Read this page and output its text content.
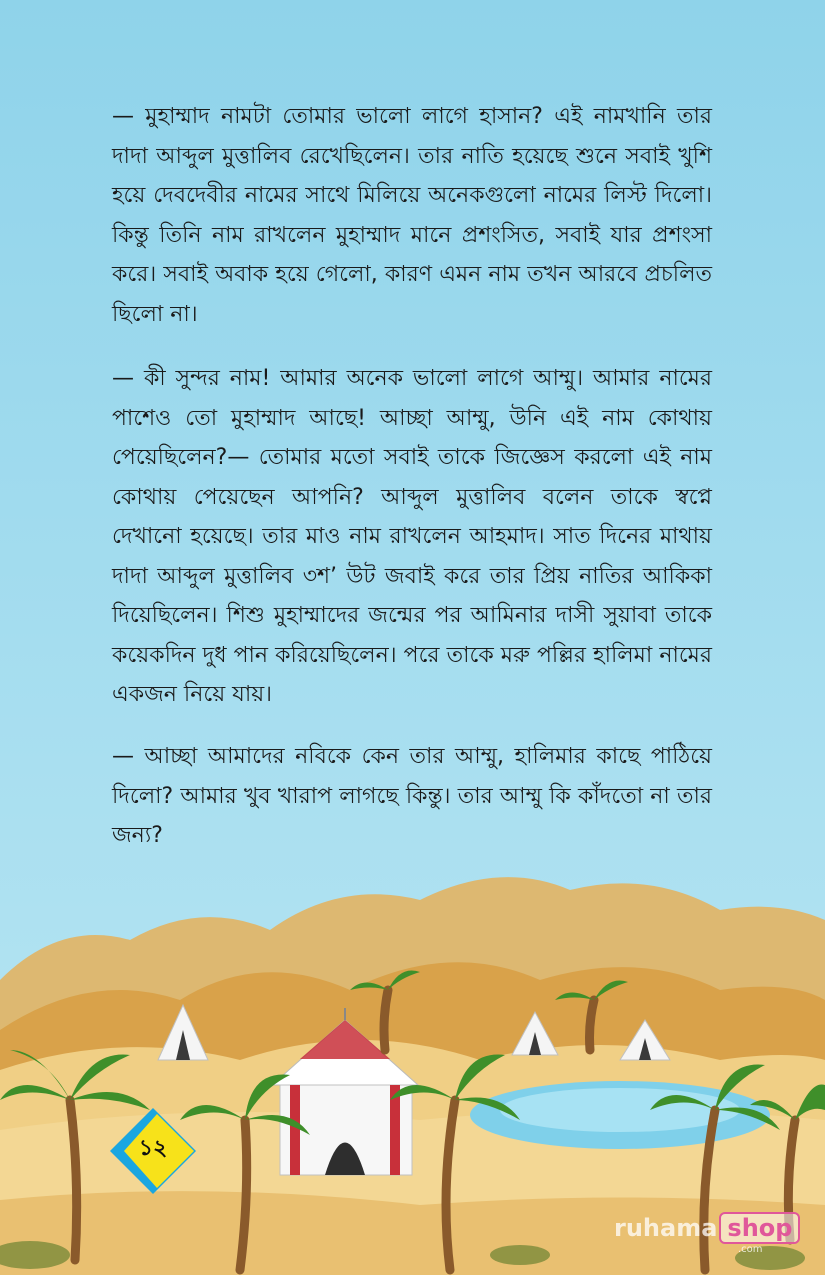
— মুহাম্মাদ নামটা তোমার ভালো লাগে হাসান? এই নামখানি তার দাদা আব্দুল মুত্তালিব রেখেছিলেন। তার নাতি হয়েছে শুনে সবাই খুশি হয়ে দেবদেবীর নামের সাথে মিলিয়ে অনেকগুলো নামের লিস্ট দিলো। কিন্তু তিনি নাম রাখলেন মুহাম্মাদ মানে প্রশংসিত, সবাই যার প্রশংসা করে। সবাই অবাক হয়ে গেলো, কারণ এমন নাম তখন আরবে প্রচলিত ছিলো না।
— কী সুন্দর নাম! আমার অনেক ভালো লাগে আম্মু। আমার নামের পাশেও তো মুহাম্মাদ আছে! আচ্ছা আম্মু, উনি এই নাম কোথায় পেয়েছিলেন?— তোমার মতো সবাই তাকে জিজ্ঞেস করলো এই নাম কোথায় পেয়েছেন আপনি? আব্দুল মুত্তালিব বলেন তাকে স্বপ্নে দেখানো হয়েছে। তার মাও নাম রাখলেন আহমাদ। সাত দিনের মাথায় দাদা আব্দুল মুত্তালিব ৩শ’ উট জবাই করে তার প্রিয় নাতির আকিকা দিয়েছিলেন। শিশু মুহাম্মাদের জন্মের পর আমিনার দাসী সুয়াবা তাকে কয়েকদিন দুধ পান করিয়েছিলেন। পরে তাকে মরু পল্লির হালিমা নামের একজন নিয়ে যায়।
— আচ্ছা আমাদের নবিকে কেন তার আম্মু, হালিমার কাছে পাঠিয়ে দিলো? আমার খুব খারাপ লাগছে কিন্তু। তার আম্মু কি কাঁদতো না তার জন্য?
১২
ruhama shop
.com
